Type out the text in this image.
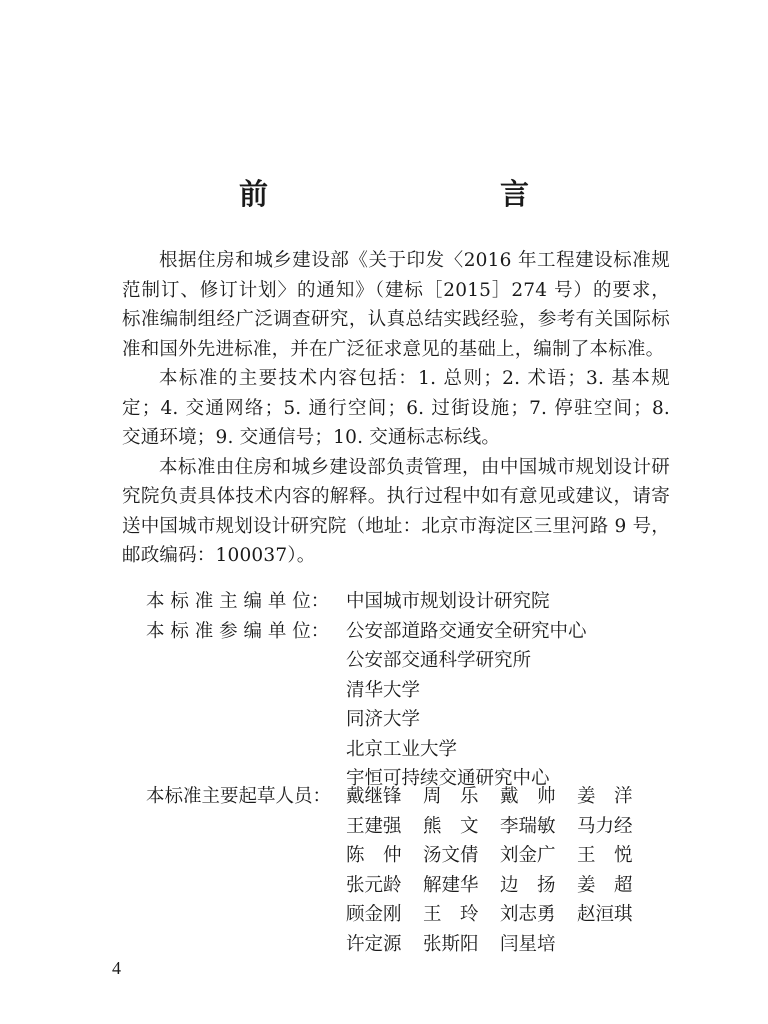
前　　言

根据住房和城乡建设部《关于印发〈2016 年工程建设标准规范制订、修订计划〉的通知》（建标［2015］274 号）的要求，标准编制组经广泛调查研究，认真总结实践经验，参考有关国际标准和国外先进标准，并在广泛征求意见的基础上，编制了本标准。

本标准的主要技术内容包括：1. 总则；2. 术语；3. 基本规定；4. 交通网络；5. 通行空间；6. 过街设施；7. 停驻空间；8. 交通环境；9. 交通信号；10. 交通标志标线。

本标准由住房和城乡建设部负责管理，由中国城市规划设计研究院负责具体技术内容的解释。执行过程中如有意见或建议，请寄送中国城市规划设计研究院（地址：北京市海淀区三里河路 9 号，邮政编码：100037）。

本 标 准 主 编 单 位： 中国城市规划设计研究院
本 标 准 参 编 单 位： 公安部道路交通安全研究中心
公安部交通科学研究所
清华大学
同济大学
北京工业大学
宇恒可持续交通研究中心
本标准主要起草人员： 戴继锋	周　乐	戴　帅	姜　洋
王建强	熊　文	李瑞敏	马力经
陈　仲	汤文倩	刘金广	王　悦
张元龄	解建华	边　扬	姜　超
顾金刚	王　玲	刘志勇	赵洹琪
许定源	张斯阳	闫星培
4
